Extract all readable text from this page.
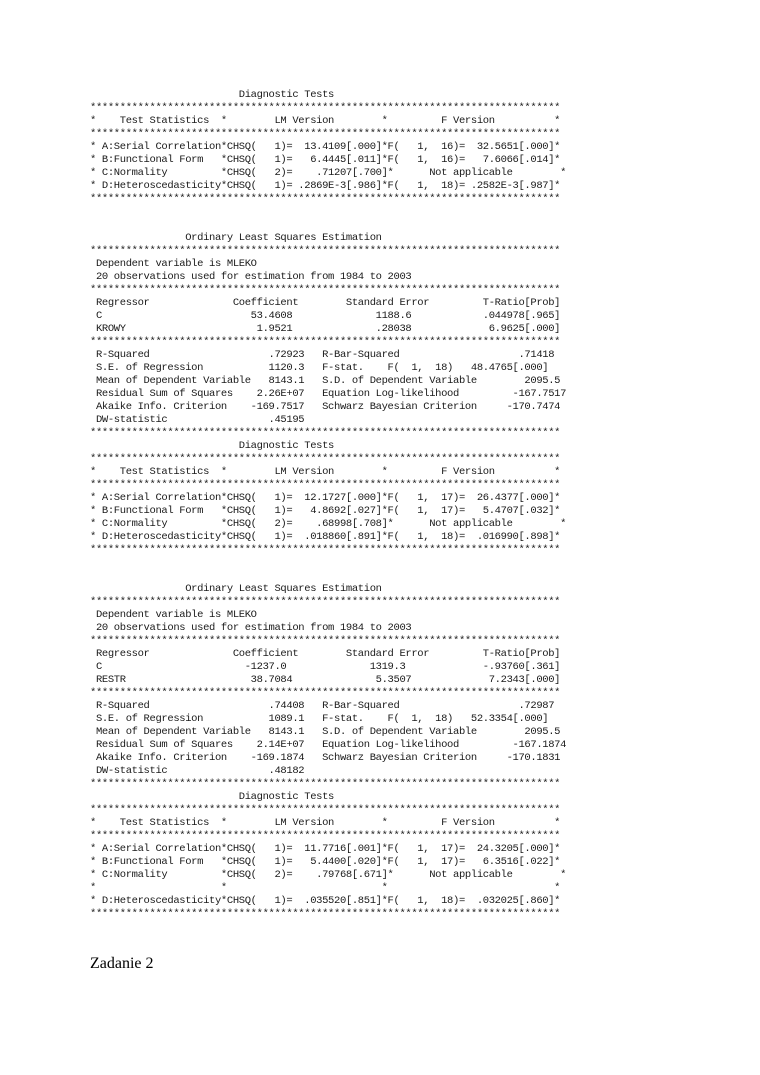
Diagnostic Tests
*******************************************************************************
*    Test Statistics  *        LM Version        *         F Version          *
*******************************************************************************
* A:Serial Correlation*CHSQ(   1)=  13.4109[.000]*F(   1,  16)=  32.5651[.000]*
* B:Functional Form   *CHSQ(   1)=   6.4445[.011]*F(   1,  16)=   7.6066[.014]*
* C:Normality         *CHSQ(   2)=    .71207[.700]*      Not applicable        *
* D:Heteroscedasticity*CHSQ(   1)= .2869E-3[.986]*F(   1,  18)= .2582E-3[.987]*
*******************************************************************************
Ordinary Least Squares Estimation
*******************************************************************************
Dependent variable is MLEKO
20 observations used for estimation from 1984 to 2003
*******************************************************************************
Regressor              Coefficient        Standard Error         T-Ratio[Prob]
C                         53.4608              1188.6            .044978[.965]
KROWY                      1.9521              .28038             6.9625[.000]
*******************************************************************************
R-Squared                    .72923   R-Bar-Squared                    .71418
S.E. of Regression           1120.3   F-stat.    F(  1,  18)   48.4765[.000]
Mean of Dependent Variable   8143.1   S.D. of Dependent Variable        2095.5
Residual Sum of Squares    2.26E+07   Equation Log-likelihood         -167.7517
Akaike Info. Criterion    -169.7517   Schwarz Bayesian Criterion     -170.7474
DW-statistic                 .45195
*******************************************************************************
Diagnostic Tests
*******************************************************************************
*    Test Statistics  *        LM Version        *         F Version          *
*******************************************************************************
* A:Serial Correlation*CHSQ(   1)=  12.1727[.000]*F(   1,  17)=  26.4377[.000]*
* B:Functional Form   *CHSQ(   1)=   4.8692[.027]*F(   1,  17)=   5.4707[.032]*
* C:Normality         *CHSQ(   2)=    .68998[.708]*      Not applicable        *
* D:Heteroscedasticity*CHSQ(   1)=  .018860[.891]*F(   1,  18)=  .016990[.898]*
*******************************************************************************
Ordinary Least Squares Estimation
*******************************************************************************
Dependent variable is MLEKO
20 observations used for estimation from 1984 to 2003
*******************************************************************************
Regressor              Coefficient        Standard Error         T-Ratio[Prob]
C                        -1237.0              1319.3             -.93760[.361]
RESTR                     38.7084              5.3507             7.2343[.000]
*******************************************************************************
R-Squared                    .74408   R-Bar-Squared                    .72987
S.E. of Regression           1089.1   F-stat.    F(  1,  18)   52.3354[.000]
Mean of Dependent Variable   8143.1   S.D. of Dependent Variable        2095.5
Residual Sum of Squares    2.14E+07   Equation Log-likelihood         -167.1874
Akaike Info. Criterion    -169.1874   Schwarz Bayesian Criterion     -170.1831
DW-statistic                 .48182
*******************************************************************************
Diagnostic Tests
*******************************************************************************
*    Test Statistics  *        LM Version        *         F Version          *
*******************************************************************************
* A:Serial Correlation*CHSQ(   1)=  11.7716[.001]*F(   1,  17)=  24.3205[.000]*
* B:Functional Form   *CHSQ(   1)=   5.4400[.020]*F(   1,  17)=   6.3516[.022]*
* C:Normality         *CHSQ(   2)=    .79768[.671]*      Not applicable        *
*                     *                          *                            *
* D:Heteroscedasticity*CHSQ(   1)=  .035520[.851]*F(   1,  18)=  .032025[.860]*
*******************************************************************************
Zadanie 2
